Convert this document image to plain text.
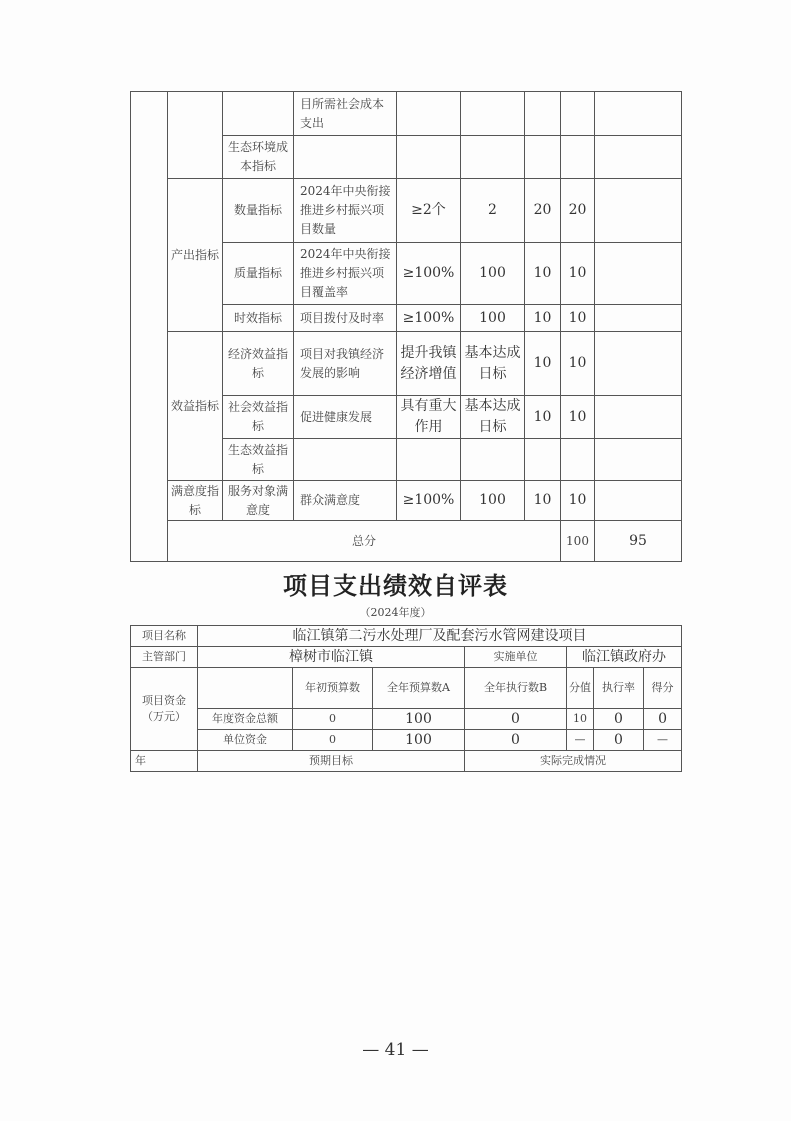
			目所需社会成本支出						
		生态环境成本指标							
	产出指标	数量指标	2024年中央衔接推进乡村振兴项目数量	≥2个	2	20	20		
		质量指标	2024年中央衔接推进乡村振兴项目覆盖率	≥100%	100	10	10		
		时效指标	项目拨付及时率	≥100%	100	10	10		
	效益指标	经济效益指标	项目对我镇经济发展的影响	提升我镇经济增值	基本达成日标	10	10		
		社会效益指标	促进健康发展	具有重大作用	基本达成日标	10	10		
		生态效益指标							
	满意度指标	服务对象满意度	群众满意度	≥100%	100	10	10		
	总分						100	95	
项目支出绩效自评表
（2024年度）
项目名称	临江镇第二污水处理厂及配套污水管网建设项目						
主管部门	樟树市临江镇			实施单位	临江镇政府办		
项目资金（万元）		年初预算数	全年预算数A	全年执行数B	分值	执行率	得分
	年度资金总额	0	100	0	10	0	0
	单位资金	0	100	0	—	0	—
年	预期目标			实际完成情况			
— 41 —
